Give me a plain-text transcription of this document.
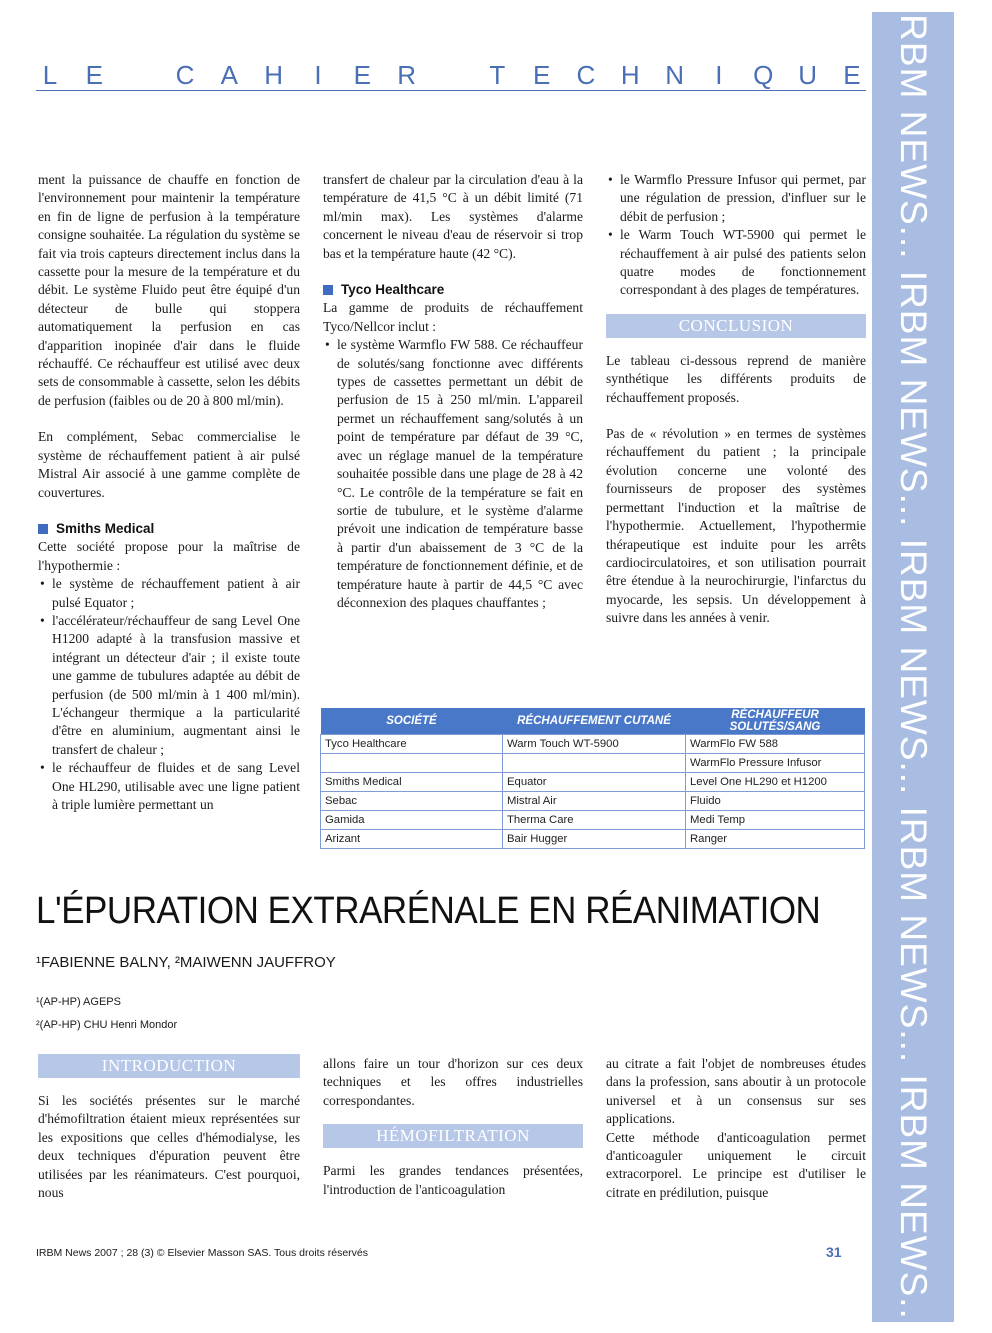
L E	C A H	I	E R	T E C H N	I	Q U E IRBM NEWS... IRBM NEWS... IRBM NEWS... IRBM NEWS... IRBM NEWS...

ment la puissance de chauffe en fonction de l'environnement pour maintenir la température en fin de ligne de perfusion à la température consigne souhaitée. La régulation du système se fait via trois capteurs directement inclus dans la cassette pour la mesure de la température et du débit. Le système Fluido peut être équipé d'un détecteur de bulle qui stoppera automatiquement la perfusion en cas d'apparition inopinée d'air dans le fluide réchauffé. Ce réchauffeur est utilisé avec deux sets de consommable à cassette, selon les débits de perfusion (faibles ou de 20 à 800 ml/min).

En complément, Sebac commercialise le système de réchauffement patient à air pulsé Mistral Air associé à une gamme complète de couvertures.

Smiths Medical

Cette société propose pour la maîtrise de l'hypothermie :

• le système de réchauffement patient à air pulsé Equator ;
• l'accélérateur/réchauffeur de sang Level One H1200 adapté à la transfusion massive et intégrant un détecteur d'air ; il existe toute une gamme de tubulures adaptée au débit de perfusion (de 500 ml/min à 1 400 ml/min). L'échangeur thermique a la particularité d'être en aluminium, augmentant ainsi le transfert de chaleur ;
• le réchauffeur de fluides et de sang Level One HL290, utilisable avec une ligne patient à triple lumière permettant un

transfert de chaleur par la circulation d'eau à la température de 41,5 °C à un débit limité (71 ml/min max). Les systèmes d'alarme concernent le niveau d'eau de réservoir si trop bas et la température haute (42 °C).

Tyco Healthcare

La gamme de produits de réchauffement Tyco/Nellcor inclut :

• le système Warmflo FW 588. Ce réchauffeur de solutés/sang fonctionne avec différents types de cassettes permettant un débit de perfusion de 15 à 250 ml/min. L'appareil permet un réchauffement sang/solutés à un point de température par défaut de 39 °C, avec un réglage manuel de la température souhaitée possible dans une plage de 28 à 42 °C. Le contrôle de la température se fait en sortie de tubulure, et le système d'alarme prévoit une indication de température basse à partir d'un abaissement de 3 °C de la température de fonctionnement définie, et de température haute à partir de 44,5 °C avec déconnexion des plaques chauffantes ;
• le Warmflo Pressure Infusor qui permet, par une régulation de pression, d'influer sur le débit de perfusion ;
• le Warm Touch WT-5900 qui permet le réchauffement à air pulsé des patients selon quatre modes de fonctionnement correspondant à des plages de températures.
CONCLUSION

Le tableau ci-dessous reprend de manière synthétique les différents produits de réchauffement proposés.

Pas de « révolution » en termes de systèmes réchauffement du patient ; la principale évolution concerne une volonté des fournisseurs de proposer des systèmes permettant l'induction et la maîtrise de l'hypothermie. Actuellement, l'hypothermie thérapeutique est induite pour les arrêts cardiocirculatoires, et son utilisation pourrait être étendue à la neurochirurgie, l'infarctus du myocarde, les sepsis. Un développement à suivre dans les années à venir.

SOCIÉTÉ	RÉCHAUFFEMENT CUTANÉ	RÉCHAUFFEUR SOLUTÉS/SANG
Tyco Healthcare	Warm Touch WT-5900	WarmFlo FW 588
		WarmFlo Pressure Infusor
Smiths Medical	Equator	Level One HL290 et H1200
Sebac	Mistral Air	Fluido
Gamida	Therma Care	Medi Temp
Arizant	Bair Hugger	Ranger
L'ÉPURATION EXTRARÉNALE EN RÉANIMATION
¹FABIENNE BALNY, ²MAIWENN JAUFFROY
¹(AP-HP) AGEPS
²(AP-HP) CHU Henri Mondor
INTRODUCTION

Si les sociétés présentes sur le marché d'hémofiltration étaient mieux représentées sur les expositions que celles d'hémodialyse, les deux techniques d'épuration peuvent être utilisées par les réanimateurs. C'est pourquoi, nous

allons faire un tour d'horizon sur ces deux techniques et les offres industrielles correspondantes.

HÉMOFILTRATION

Parmi les grandes tendances présentées, l'introduction de l'anticoagulation

au citrate a fait l'objet de nombreuses études dans la profession, sans aboutir à un protocole universel et à un consensus sur ses applications.

Cette méthode d'anticoagulation permet d'anticoaguler uniquement le circuit extracorporel. Le principe est d'utiliser le citrate en prédilution, puisque

IRBM News 2007 ; 28 (3) © Elsevier Masson SAS. Tous droits réservés	31
